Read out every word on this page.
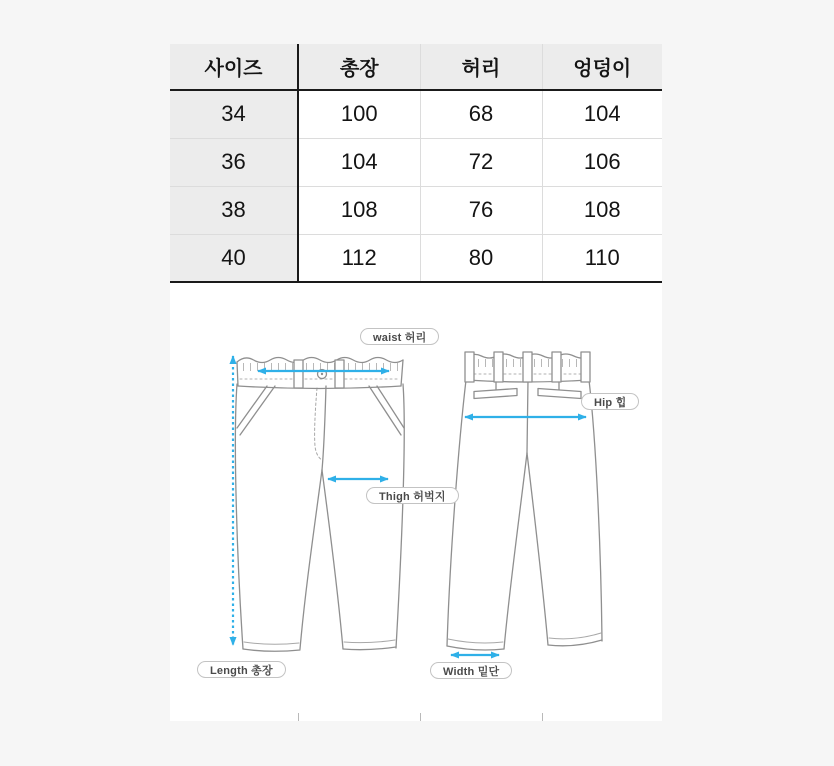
사이즈	총장	허리	엉덩이
34	100	68	104
36	104	72	106
38	108	76	108
40	112	80	110
waist 허리
Hip 힙
Thigh 허벅지
Length 총장	Width 밑단
